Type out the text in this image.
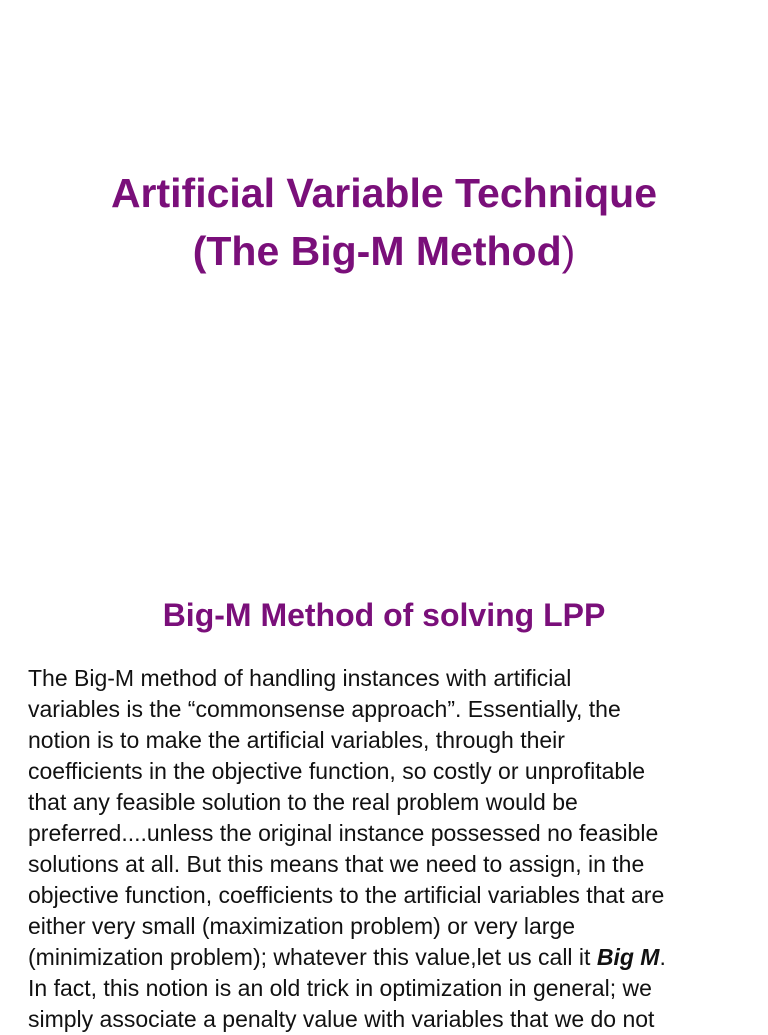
Artificial Variable Technique
(The Big-M Method)
Big-M Method of solving LPP

The Big-M method of handling instances with artificial
variables is the “commonsense approach”. Essentially, the
notion is to make the artificial variables, through their
coefficients in the objective function, so costly or unprofitable
that any feasible solution to the real problem would be
preferred....unless the original instance possessed no feasible
solutions at all. But this means that we need to assign, in the
objective function, coefficients to the artificial variables that are
either very small (maximization problem) or very large
(minimization problem); whatever this value,let us call it Big M.
In fact, this notion is an old trick in optimization in general; we
simply associate a penalty value with variables that we do not
